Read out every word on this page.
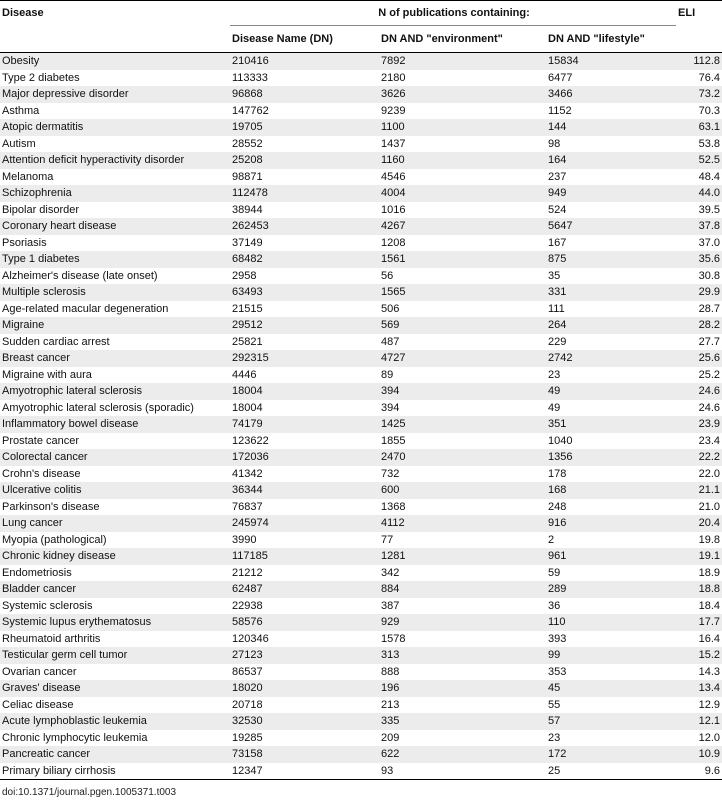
Disease	N of publications containing:			ELI
	Disease Name (DN)	DN AND "environment"	DN AND "lifestyle"	
Obesity	210416	7892	15834	112.8
Type 2 diabetes	113333	2180	6477	76.4
Major depressive disorder	96868	3626	3466	73.2
Asthma	147762	9239	1152	70.3
Atopic dermatitis	19705	1100	144	63.1
Autism	28552	1437	98	53.8
Attention deficit hyperactivity disorder	25208	1160	164	52.5
Melanoma	98871	4546	237	48.4
Schizophrenia	112478	4004	949	44.0
Bipolar disorder	38944	1016	524	39.5
Coronary heart disease	262453	4267	5647	37.8
Psoriasis	37149	1208	167	37.0
Type 1 diabetes	68482	1561	875	35.6
Alzheimer's disease (late onset)	2958	56	35	30.8
Multiple sclerosis	63493	1565	331	29.9
Age-related macular degeneration	21515	506	111	28.7
Migraine	29512	569	264	28.2
Sudden cardiac arrest	25821	487	229	27.7
Breast cancer	292315	4727	2742	25.6
Migraine with aura	4446	89	23	25.2
Amyotrophic lateral sclerosis	18004	394	49	24.6
Amyotrophic lateral sclerosis (sporadic)	18004	394	49	24.6
Inflammatory bowel disease	74179	1425	351	23.9
Prostate cancer	123622	1855	1040	23.4
Colorectal cancer	172036	2470	1356	22.2
Crohn's disease	41342	732	178	22.0
Ulcerative colitis	36344	600	168	21.1
Parkinson's disease	76837	1368	248	21.0
Lung cancer	245974	4112	916	20.4
Myopia (pathological)	3990	77	2	19.8
Chronic kidney disease	117185	1281	961	19.1
Endometriosis	21212	342	59	18.9
Bladder cancer	62487	884	289	18.8
Systemic sclerosis	22938	387	36	18.4
Systemic lupus erythematosus	58576	929	110	17.7
Rheumatoid arthritis	120346	1578	393	16.4
Testicular germ cell tumor	27123	313	99	15.2
Ovarian cancer	86537	888	353	14.3
Graves' disease	18020	196	45	13.4
Celiac disease	20718	213	55	12.9
Acute lymphoblastic leukemia	32530	335	57	12.1
Chronic lymphocytic leukemia	19285	209	23	12.0
Pancreatic cancer	73158	622	172	10.9
Primary biliary cirrhosis	12347	93	25	9.6
doi:10.1371/journal.pgen.1005371.t003
